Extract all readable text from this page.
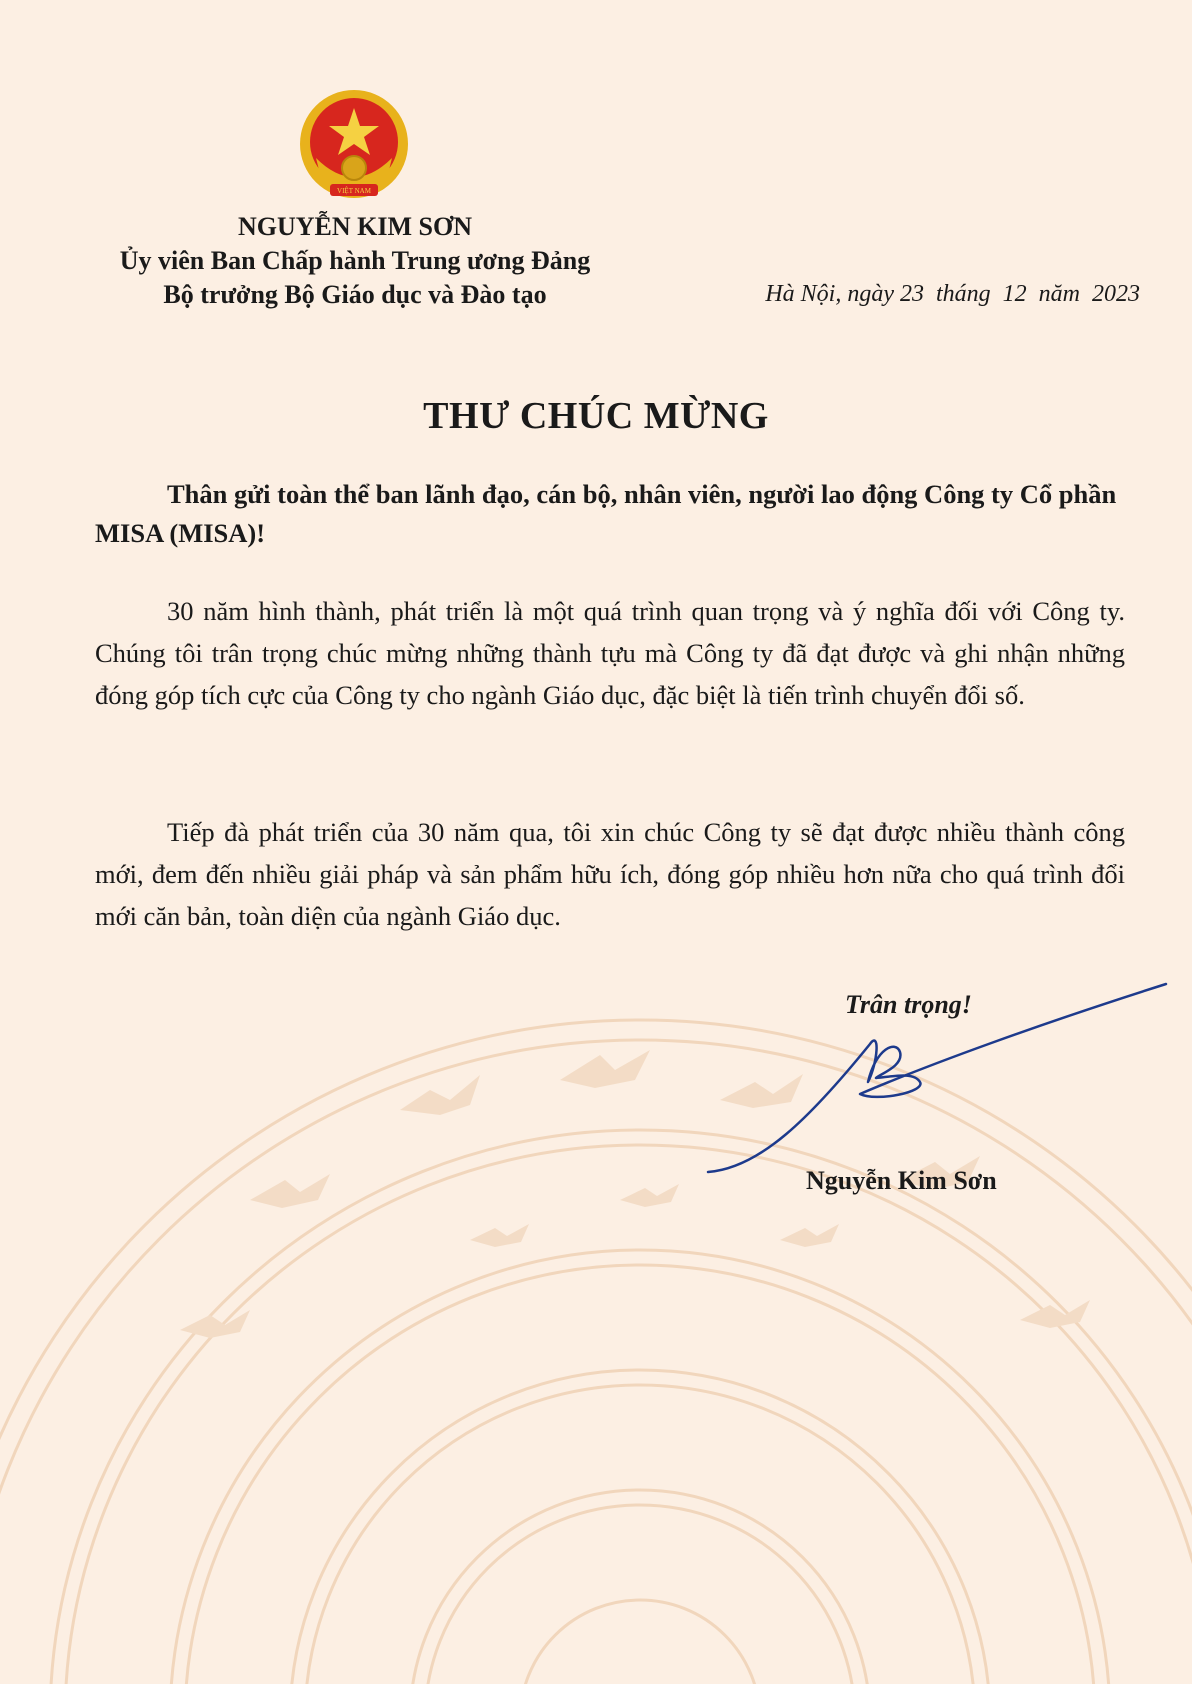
VIỆT NAM
NGUYỄN KIM SƠN
Ủy viên Ban Chấp hành Trung ương Đảng
Bộ trưởng Bộ Giáo dục và Đào tạo	Hà Nội, ngày 23  tháng  12  năm  2023
THƯ CHÚC MỪNG
Thân gửi toàn thể ban lãnh đạo, cán bộ, nhân viên, người lao động Công ty Cổ phần MISA (MISA)!
30 năm hình thành, phát triển là một quá trình quan trọng và ý nghĩa đối với Công ty. Chúng tôi trân trọng chúc mừng những thành tựu mà Công ty đã đạt được và ghi nhận những đóng góp tích cực của Công ty cho ngành Giáo dục, đặc biệt là tiến trình chuyển đổi số.
Tiếp đà phát triển của 30 năm qua, tôi xin chúc Công ty sẽ đạt được nhiều thành công mới, đem đến nhiều giải pháp và sản phẩm hữu ích, đóng góp nhiều hơn nữa cho quá trình đổi mới căn bản, toàn diện của ngành Giáo dục.
Trân trọng!
Nguyễn Kim Sơn
